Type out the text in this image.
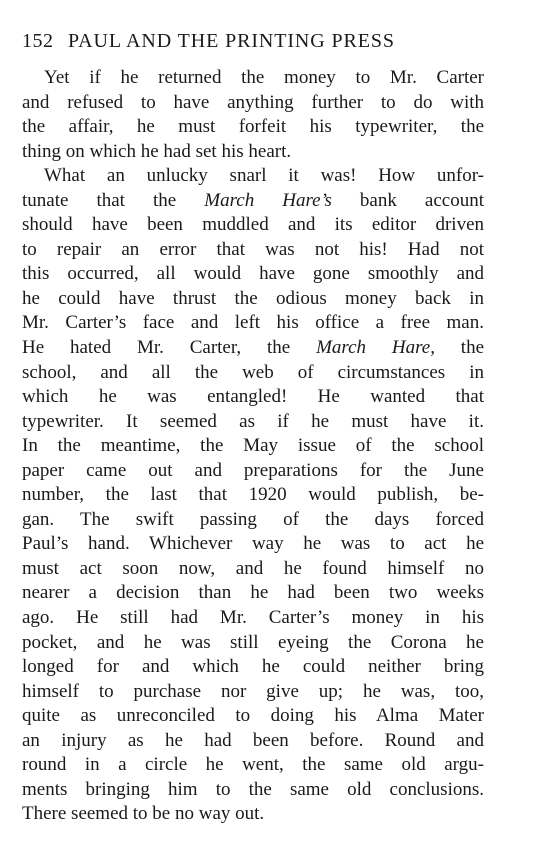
152 PAUL AND THE PRINTING PRESS
Yet if he returned the money to Mr. Carter
and refused to have anything further to do with
the affair, he must forfeit his typewriter, the
thing on which he had set his heart.
What an unlucky snarl it was! How unfor-
tunate that the March Hare’s bank account
should have been muddled and its editor driven
to repair an error that was not his! Had not
this occurred, all would have gone smoothly and
he could have thrust the odious money back in
Mr. Carter’s face and left his office a free man.
He hated Mr. Carter, the March Hare, the
school, and all the web of circumstances in
which he was entangled! He wanted that
typewriter. It seemed as if he must have it.
In the meantime, the May issue of the school
paper came out and preparations for the June
number, the last that 1920 would publish, be-
gan. The swift passing of the days forced
Paul’s hand. Whichever way he was to act he
must act soon now, and he found himself no
nearer a decision than he had been two weeks
ago. He still had Mr. Carter’s money in his
pocket, and he was still eyeing the Corona he
longed for and which he could neither bring
himself to purchase nor give up; he was, too,
quite as unreconciled to doing his Alma Mater
an injury as he had been before. Round and
round in a circle he went, the same old argu-
ments bringing him to the same old conclusions.
There seemed to be no way out.
